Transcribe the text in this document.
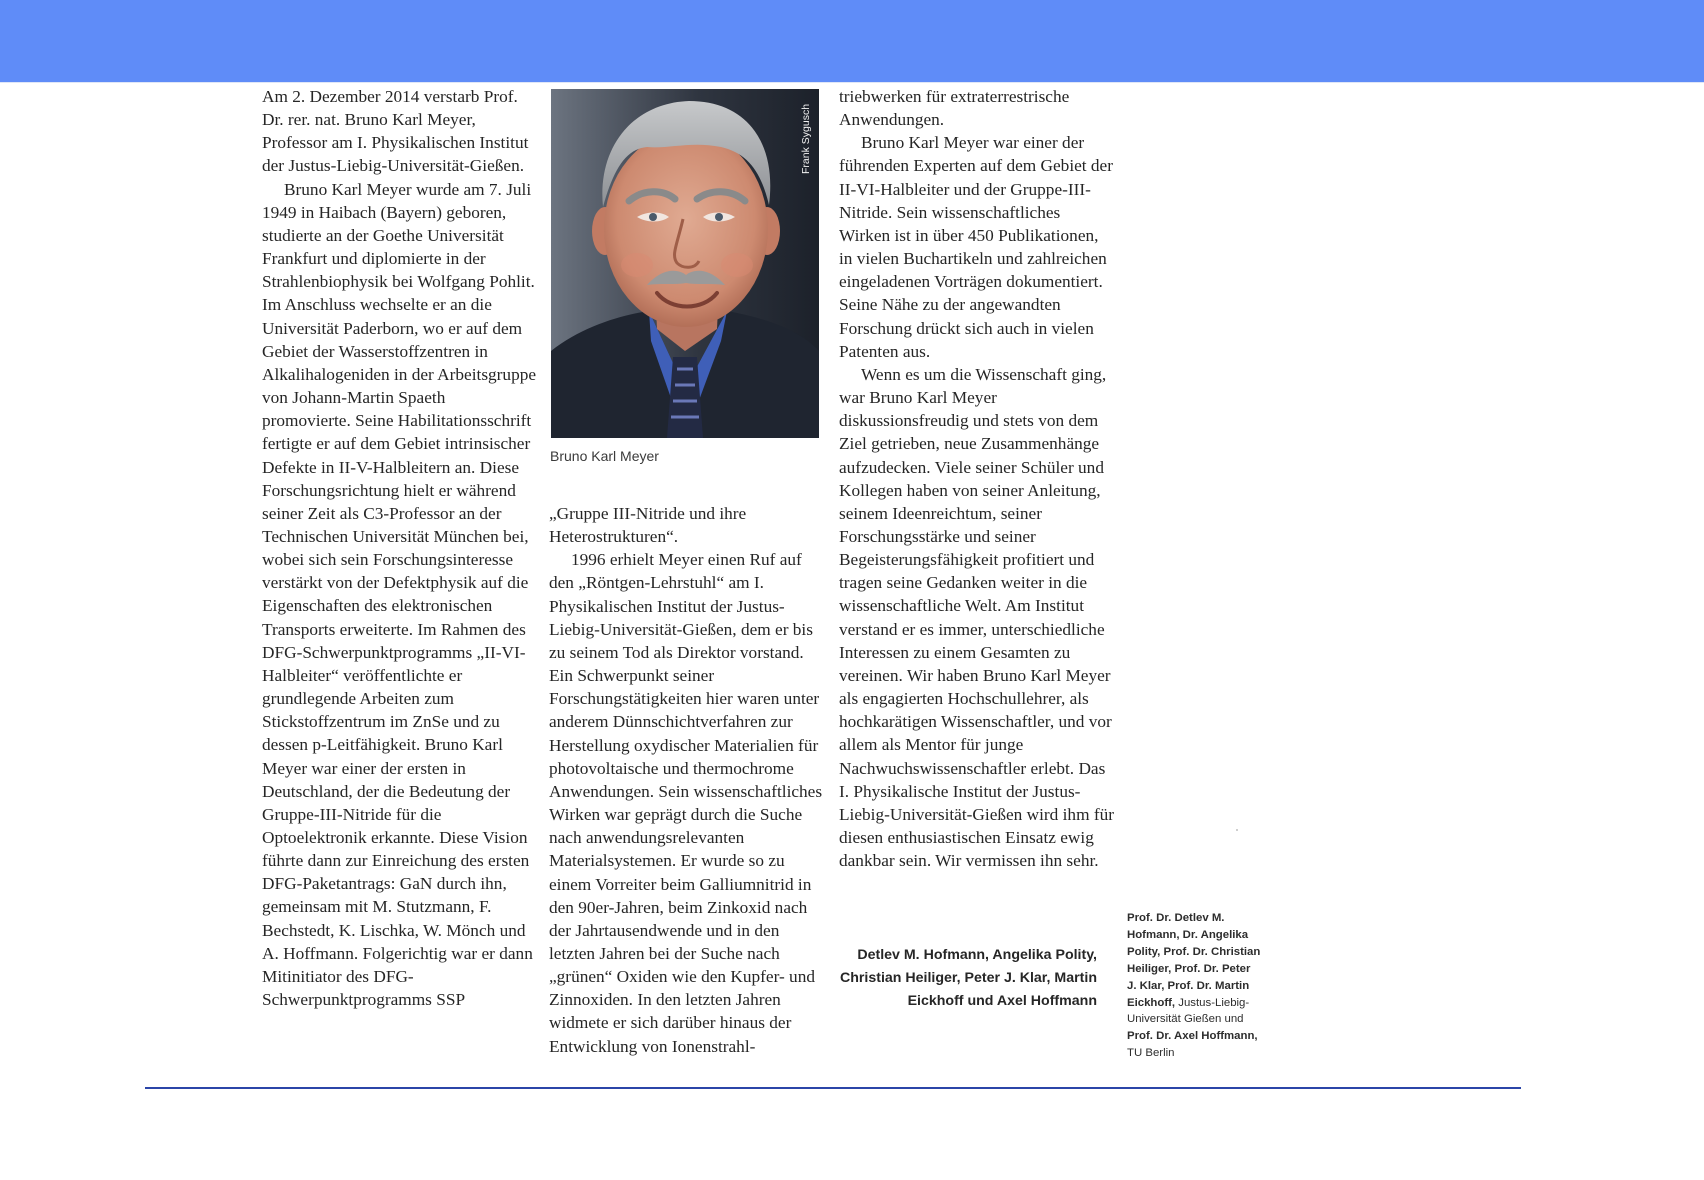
Am 2. Dezember 2014 verstarb Prof. Dr. rer. nat. Bruno Karl Meyer, Professor am I. Physikalischen Institut der Justus-Liebig-Universität-Gießen.

Bruno Karl Meyer wurde am 7. Juli 1949 in Haibach (Bayern) geboren, studierte an der Goethe Universität Frankfurt und diplomierte in der Strahlenbiophysik bei Wolfgang Pohlit. Im Anschluss wechselte er an die Universität Paderborn, wo er auf dem Gebiet der Wasserstoffzentren in Alkalihalogeniden in der Arbeitsgruppe von Johann-Martin Spaeth promovierte. Seine Habilitationsschrift fertigte er auf dem Gebiet intrinsischer Defekte in II-V-Halbleitern an. Diese Forschungsrichtung hielt er während seiner Zeit als C3-Professor an der Technischen Universität München bei, wobei sich sein Forschungsinteresse verstärkt von der Defektphysik auf die Eigenschaften des elektronischen Transports erweiterte. Im Rahmen des DFG-Schwerpunktprogramms „II-VI-Halbleiter“ veröffentlichte er grundlegende Arbeiten zum Stickstoffzentrum im ZnSe und zu dessen p-Leitfähigkeit. Bruno Karl Meyer war einer der ersten in Deutschland, der die Bedeutung der Gruppe-III-Nitride für die Optoelektronik erkannte. Diese Vision führte dann zur Einreichung des ersten DFG-Paketantrags: GaN durch ihn, gemeinsam mit M. Stutzmann, F. Bechstedt, K. Lischka, W. Mönch und A. Hoffmann. Folgerichtig war er dann Mitinitiator des DFG-Schwerpunktprogramms SSP

Frank Sygusch
Bruno Karl Meyer

„Gruppe III-Nitride und ihre Heterostrukturen“.

1996 erhielt Meyer einen Ruf auf den „Röntgen-Lehrstuhl“ am I. Physikalischen Institut der Justus-Liebig-Universität-Gießen, dem er bis zu seinem Tod als Direktor vorstand. Ein Schwerpunkt seiner Forschungstätigkeiten hier waren unter anderem Dünnschichtverfahren zur Herstellung oxydischer Materialien für photovoltaische und thermochrome Anwendungen. Sein wissenschaftliches Wirken war geprägt durch die Suche nach anwendungsrelevanten Materialsystemen. Er wurde so zu einem Vorreiter beim Galliumnitrid in den 90er-Jahren, beim Zinkoxid nach der Jahrtausendwende und in den letzten Jahren bei der Suche nach „grünen“ Oxiden wie den Kupfer- und Zinnoxiden. In den letzten Jahren widmete er sich darüber hinaus der Entwicklung von Ionenstrahl-

triebwerken für extraterrestrische Anwendungen.

Bruno Karl Meyer war einer der führenden Experten auf dem Gebiet der II-VI-Halbleiter und der Gruppe-III-Nitride. Sein wissenschaftliches Wirken ist in über 450 Publikationen, in vielen Buchartikeln und zahlreichen eingeladenen Vorträgen dokumentiert. Seine Nähe zu der angewandten Forschung drückt sich auch in vielen Patenten aus.

Wenn es um die Wissenschaft ging, war Bruno Karl Meyer diskussionsfreudig und stets von dem Ziel getrieben, neue Zusammenhänge aufzudecken. Viele seiner Schüler und Kollegen haben von seiner Anleitung, seinem Ideenreichtum, seiner Forschungsstärke und seiner Begeisterungsfähigkeit profitiert und tragen seine Gedanken weiter in die wissenschaftliche Welt. Am Institut verstand er es immer, unterschiedliche Interessen zu einem Gesamten zu vereinen. Wir haben Bruno Karl Meyer als engagierten Hochschullehrer, als hochkarätigen Wissenschaftler, und vor allem als Mentor für junge Nachwuchswissenschaftler erlebt. Das I. Physikalische Institut der Justus-Liebig-Universität-Gießen wird ihm für diesen enthusiastischen Einsatz ewig dankbar sein. Wir vermissen ihn sehr.

Detlev M. Hofmann, Angelika Polity, Christian Heiliger, Peter J. Klar, Martin Eickhoff und Axel Hoffmann
Prof. Dr. Detlev M. Hofmann, Dr. Angelika Polity, Prof. Dr. Christian Heiliger, Prof. Dr. Peter J. Klar, Prof. Dr. Martin Eickhoff, Justus-Liebig-Universität Gießen und Prof. Dr. Axel Hoffmann, TU Berlin
